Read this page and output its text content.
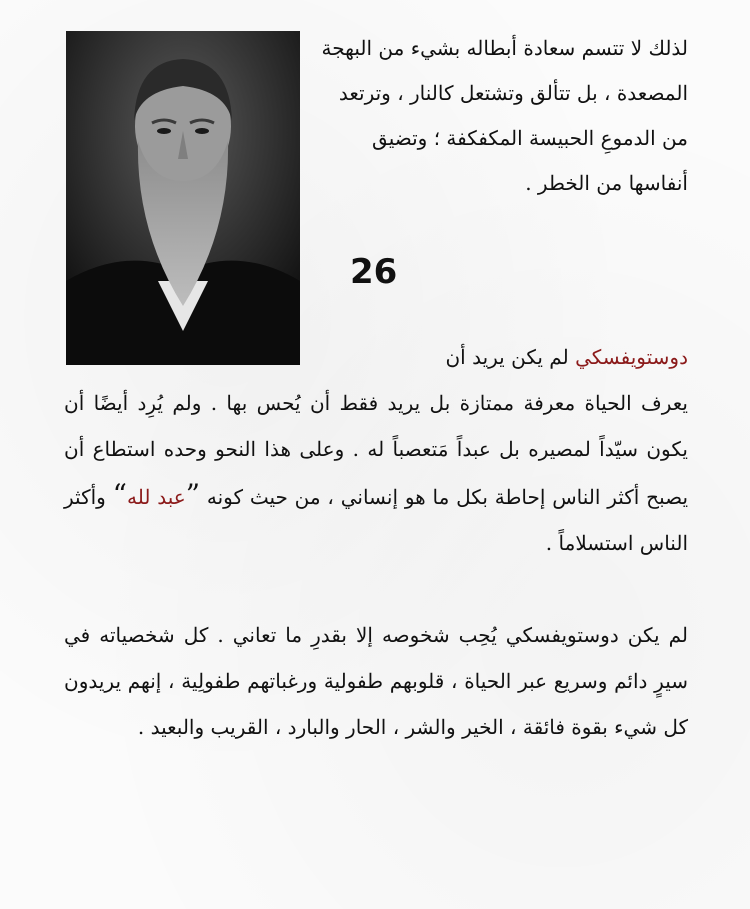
لذلك لا تتسم سعادة أبطاله بشيء من البهجة المصعدة ، بل تتألق وتشتعل كالنار ، وترتعد من الدموعِ الحبيسة المكفكفة ؛ وتضيق أنفاسها من الخطر .
26
دوستويفسكي لم يكن يريد أن

يعرف الحياة معرفة ممتازة بل يريد فقط أن يُحس بها . ولم يُرِد أيضًا أن يكون سيّداً لمصيره بل عبداً مَتعصباً له . وعلى هذا النحو وحده استطاع أن يصبح أكثر الناس إحاطة بكل ما هو إنساني ، من حيث كونه ”عبد لله“ وأكثر الناس استسلاماً .

لم يكن دوستويفسكي يُحِب شخوصه إلا بقدرِ ما تعاني . كل شخصياته في سيرٍ دائم وسريع عبر الحياة ، قلوبهم طفولية ورغباتهم طفولِية ، إنهم يريدون كل شيء بقوة فائقة ، الخير والشر ، الحار والبارد ، القريب والبعيد .
